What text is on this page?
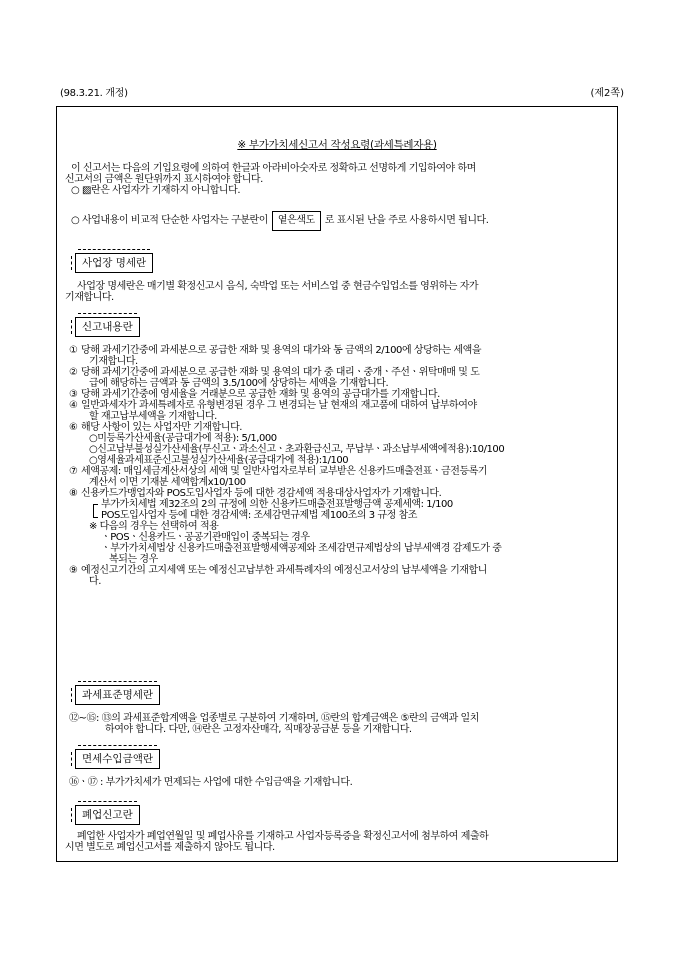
(98.3.21. 개정)	(제2쪽)
※ 부가가치세신고서 작성요령(과세특례자용)
이 신고서는 다음의 기입요령에 의하여 한글과 아라비아숫자로 정확하고 선명하게 기입하여야 하며
신고서의 금액은 원단위까지 표시하여야 합니다.
○ ▨란은 사업자가 기재하지 아니합니다.
○ 사업내용이 비교적 단순한 사업자는 구분란이 옅은색도 로 표시된 난을 주로 사용하시면 됩니다.
사업장 명세란
사업장 명세란은 매기별 확정신고시 음식, 숙박업 또는 서비스업 중 현금수입업소를 영위하는 자가
기재합니다.
신고내용란
① 당해 과세기간중에 과세분으로 공급한 재화 및 용역의 대가와 동 금액의 2/100에 상당하는 세액을
기재합니다.
② 당해 과세기간중에 과세분으로 공급한 재화 및 용역의 대가 중 대리ㆍ중개ㆍ주선ㆍ위탁매매 및 도
급에 해당하는 금액과 동 금액의 3.5/100에 상당하는 세액을 기재합니다.
③ 당해 과세기간중에 영세율을 거래분으로 공급한 재화 및 용역의 공급대가를 기재합니다.
④ 일반과세자가 과세특례자로 유형변경된 경우 그 변경되는 날 현재의 재고품에 대하여 납부하여야
할 재고납부세액을 기재합니다.
⑥ 해당 사항이 있는 사업자만 기재합니다.
○미등록가산세율(공급대가에 적용): 5/1,000
○신고납부불성실가산세율(무신고ㆍ과소신고ㆍ초과환급신고, 무납부ㆍ과소납부세액에적용):10/100
○영세율과세표준신고불성실가산세율(공급대가에 적용):1/100
⑦ 세액공제: 매입세금계산서상의 세액 및 일반사업자로부터 교부받은 신용카드매출전표ㆍ금전등록기
계산서 이면 기재분 세액합계x10/100
⑧ 신용카드가맹업자와 POS도입사업자 등에 대한 경감세액 적용대상사업자가 기재합니다.
부가가치세법 제32조의 2의 규정에 의한 신용카드매출전표발행금액 공제세액: 1/100
POS도입사업자 등에 대한 경감세액: 조세감면규제법 제100조의 3 규정 참조
※ 다음의 경우는 선택하여 적용
ㆍPOSㆍ신용카드ㆍ공공기관매입이 중복되는 경우
ㆍ부가가치세법상 신용카드매출전표발행세액공제와 조세감면규제법상의 납부세액경 감제도가 중
복되는 경우
⑨ 예정신고기간의 고지세액 또는 예정신고납부한 과세특례자의 예정신고서상의 납부세액을 기재합니
다.
과세표준명세란
⑫~⑮: ⑬의 과세표준합계액을 업종별로 구분하여 기재하며, ⑮란의 합계금액은 ⑤란의 금액과 일치
하여야 합니다. 다만, ⑭란은 고정자산매각, 직매장공급분 등을 기재합니다.
면세수입금액란
⑯ㆍ⑰ : 부가가치세가 면제되는 사업에 대한 수입금액을 기재합니다.
폐업신고란
폐업한 사업자가 폐업연월일 및 폐업사유를 기재하고 사업자등록증을 확정신고서에 첨부하여 제출하
시면 별도로 폐업신고서를 제출하지 않아도 됩니다.
